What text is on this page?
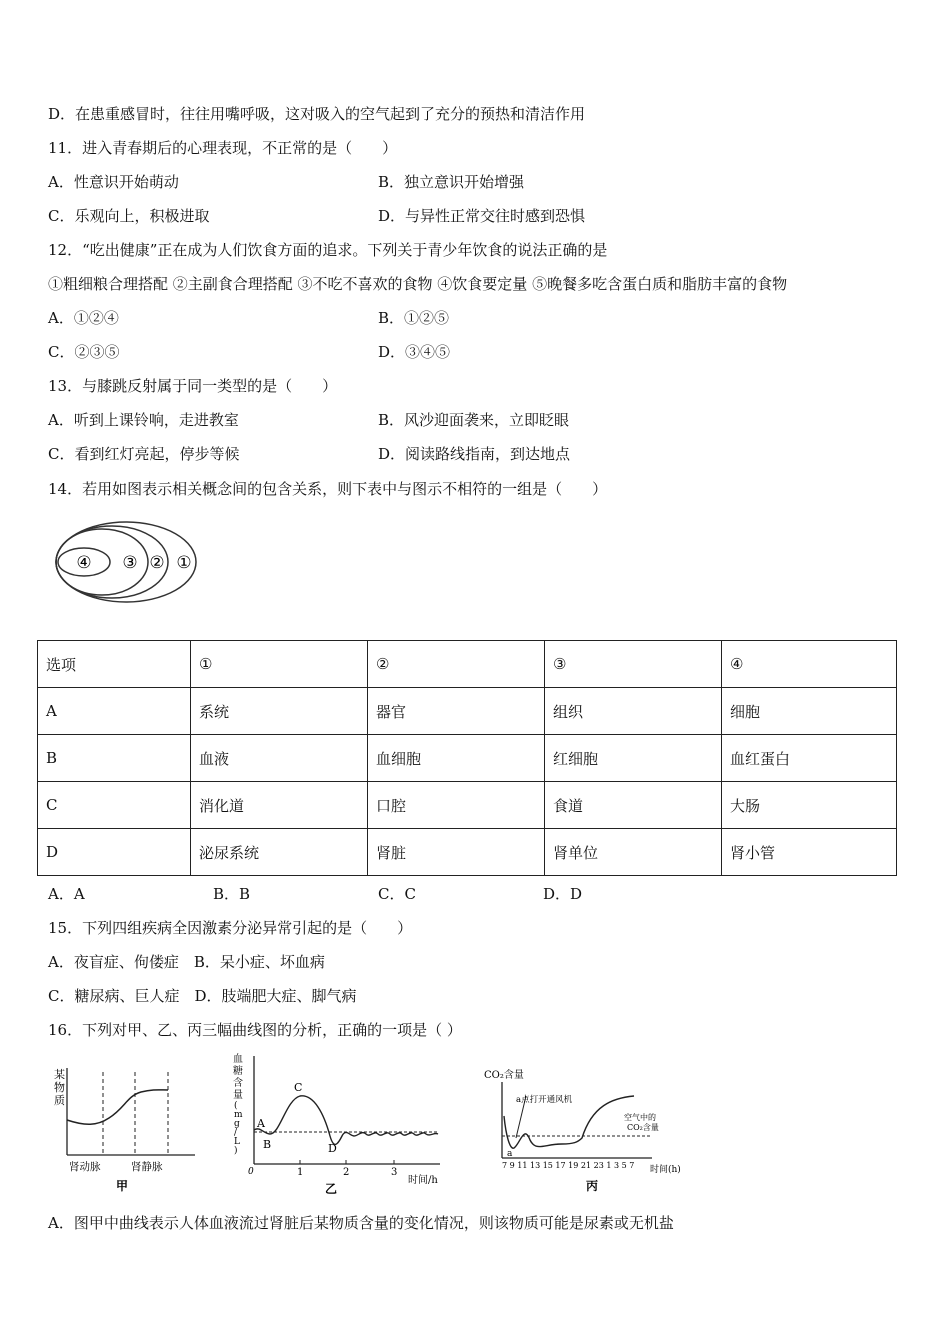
D．在患重感冒时，往往用嘴呼吸，这对吸入的空气起到了充分的预热和清洁作用
11．进入青春期后的心理表现，不正常的是（　　）
A．性意识开始萌动	B．独立意识开始增强
C．乐观向上，积极进取	D．与异性正常交往时感到恐惧
12．“吃出健康”正在成为人们饮食方面的追求。下列关于青少年饮食的说法正确的是
①粗细粮合理搭配 ②主副食合理搭配 ③不吃不喜欢的食物 ④饮食要定量 ⑤晚餐多吃含蛋白质和脂肪丰富的食物
A．①②④	B．①②⑤
C．②③⑤	D．③④⑤
13．与膝跳反射属于同一类型的是（　　）
A．听到上课铃响，走进教室	B．风沙迎面袭来，立即眨眼
C．看到红灯亮起，停步等候	D．阅读路线指南，到达地点
14．若用如图表示相关概念间的包含关系，则下表中与图示不相符的一组是（　　）
④ ③ ② ①
选项	①	②	③	④
A	系统	器官	组织	细胞
B	血液	血细胞	红细胞	血红蛋白
C	消化道	口腔	食道	大肠
D	泌尿系统	肾脏	肾单位	肾小管
A．A	B．B	C．C	D．D
15．下列四组疾病全因激素分泌异常引起的是（　　）
A．夜盲症、佝偻症　B．呆小症、坏血病
C．糖尿病、巨人症　D．肢端肥大症、脚气病
16．下列对甲、乙、丙三幅曲线图的分析，正确的一项是（ ）
某
物
质
肾动脉	肾静脉
甲
血
糖
含
量
(
m
g
/
L
)
A
B
C
D
0	1	2	3
时间/h
乙
CO₂含量
a点打开通风机
空气中的
CO₂含量
a
7 9 11 13 15 17 19 21 23 1 3 5 7 时间(h)
丙
A．图甲中曲线表示人体血液流过肾脏后某物质含量的变化情况，则该物质可能是尿素或无机盐
